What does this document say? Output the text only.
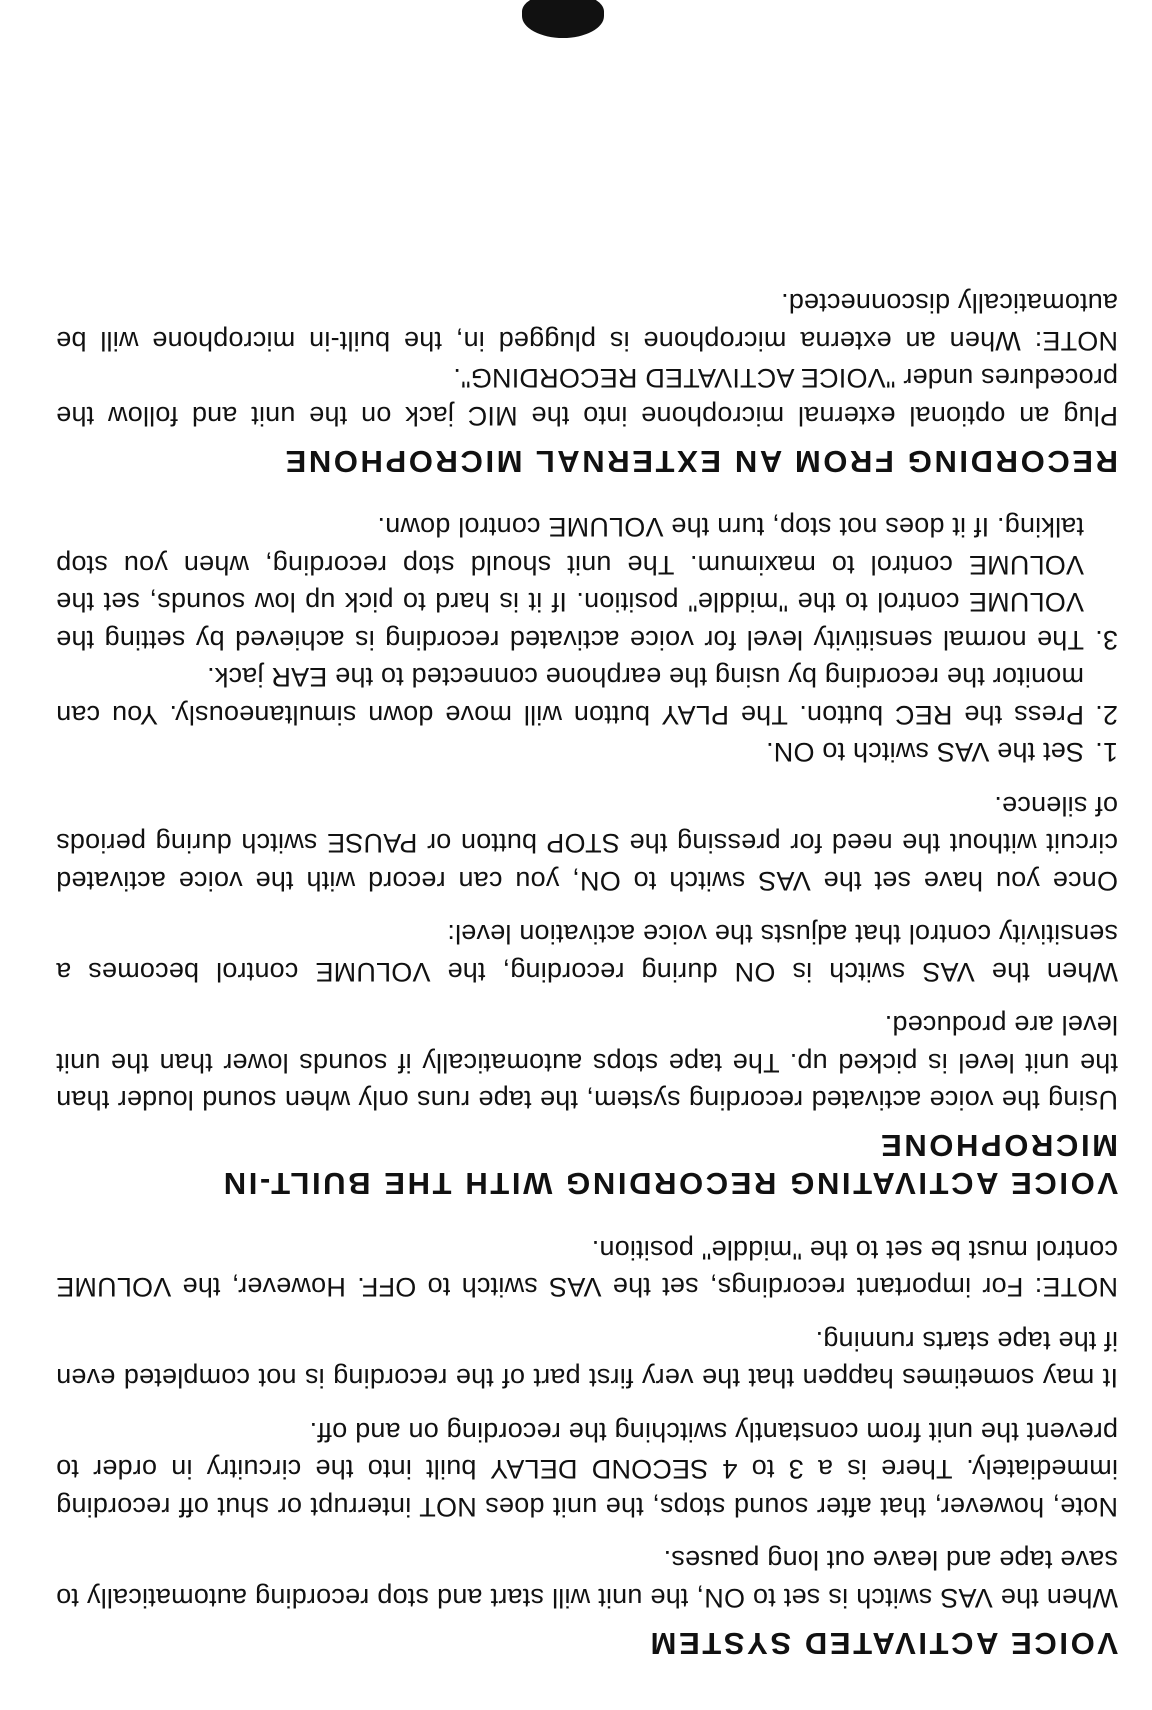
VOICE ACTIVATED SYSTEM

When the VAS switch is set to ON, the unit will start and stop recording automatically to save tape and leave out long pauses.

Note, however, that after sound stops, the unit does NOT interrupt or shut off recording immediately. There is a 3 to 4 SECOND DELAY built into the circuitry in order to prevent the unit from constantly switching the recording on and off.

It may sometimes happen that the very first part of the recording is not completed even if the tape starts running.

NOTE: For important recordings, set the VAS switch to OFF. However, the VOLUME control must be set to the "middle" position.

VOICE ACTIVATING RECORDING WITH THE BUILT-IN MICROPHONE

Using the voice activated recording system, the tape runs only when sound louder than the unit level is picked up. The tape stops automatically if sounds lower than the unit level are produced.

When the VAS switch is ON during recording, the VOLUME control becomes a sensitivity control that adjusts the voice activation level:

Once you have set the VAS switch to ON, you can record with the voice activated circuit without the need for pressing the STOP button or PAUSE switch during periods of silence.

1.
Set the VAS switch to ON.
2.
Press the REC button. The PLAY button will move down simultaneously. You can monitor the recording by using the earphone connected to the EAR jack.
3.
The normal sensitivity level for voice activated recording is achieved by setting the VOLUME control to the "middle" position. If it is hard to pick up low sounds, set the VOLUME control to maximum. The unit should stop recording, when you stop talking. If it does not stop, turn the VOLUME control down.
RECORDING FROM AN EXTERNAL MICROPHONE

Plug an optional external microphone into the MIC jack on the unit and follow the procedures under "VOICE ACTIVATED RECORDING".

NOTE: When an externa microphone is plugged in, the built-in microphone will be automatically disconnected.
